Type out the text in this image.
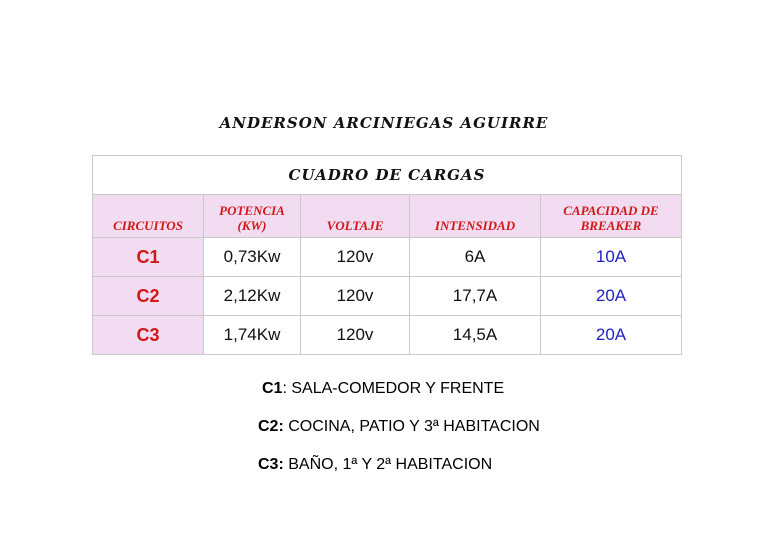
ANDERSON ARCINIEGAS AGUIRRE
CUADRO DE CARGAS				
CIRCUITOS	POTENCIA (KW)	VOLTAJE	INTENSIDAD	CAPACIDAD DE BREAKER
C1	0,73Kw	120v	6A	10A
C2	2,12Kw	120v	17,7A	20A
C3	1,74Kw	120v	14,5A	20A
C1: SALA-COMEDOR Y FRENTE
C2: COCINA, PATIO Y 3ª HABITACION
C3: BAÑO, 1ª Y 2ª HABITACION
